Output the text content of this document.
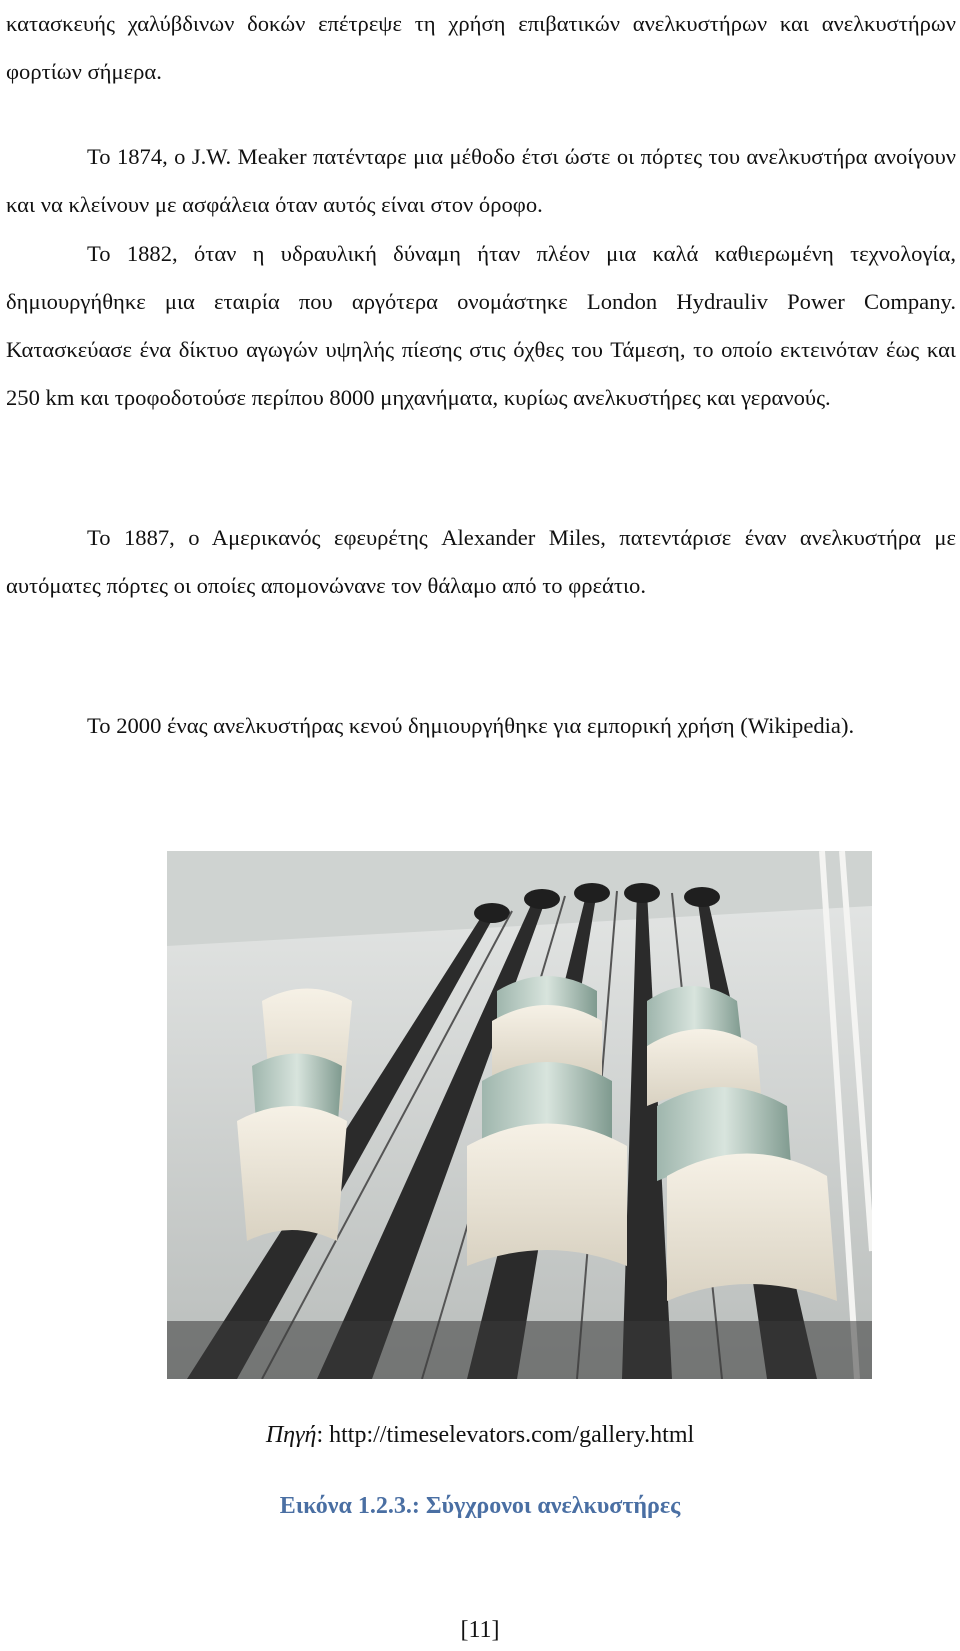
κατασκευής χαλύβδινων δοκών επέτρεψε τη χρήση επιβατικών ανελκυστήρων και ανελκυστήρων φορτίων σήμερα.

Το 1874, ο J.W. Meaker πατένταρε μια μέθοδο έτσι ώστε οι πόρτες του ανελκυστήρα ανοίγουν και να κλείνουν με ασφάλεια όταν αυτός είναι στον όροφο.

Το 1882, όταν η υδραυλική δύναμη ήταν πλέον μια καλά καθιερωμένη τεχνολογία, δημιουργήθηκε μια εταιρία που αργότερα ονομάστηκε London Hydrauliv Power Company. Κατασκεύασε ένα δίκτυο αγωγών υψηλής πίεσης στις όχθες του Τάμεση, το οποίο εκτεινόταν έως και 250 km και τροφοδοτούσε περίπου 8000 μηχανήματα, κυρίως ανελκυστήρες και γερανούς.

Το 1887, ο Αμερικανός εφευρέτης Alexander Miles, πατεντάρισε έναν ανελκυστήρα με αυτόματες πόρτες οι οποίες απομονώνανε τον θάλαμο από το φρεάτιο.

Το 2000 ένας ανελκυστήρας κενού δημιουργήθηκε για εμπορική χρήση (Wikipedia).

Πηγή: http://timeselevators.com/gallery.html
Εικόνα 1.2.3.: Σύγχρονοι ανελκυστήρες
[11]
